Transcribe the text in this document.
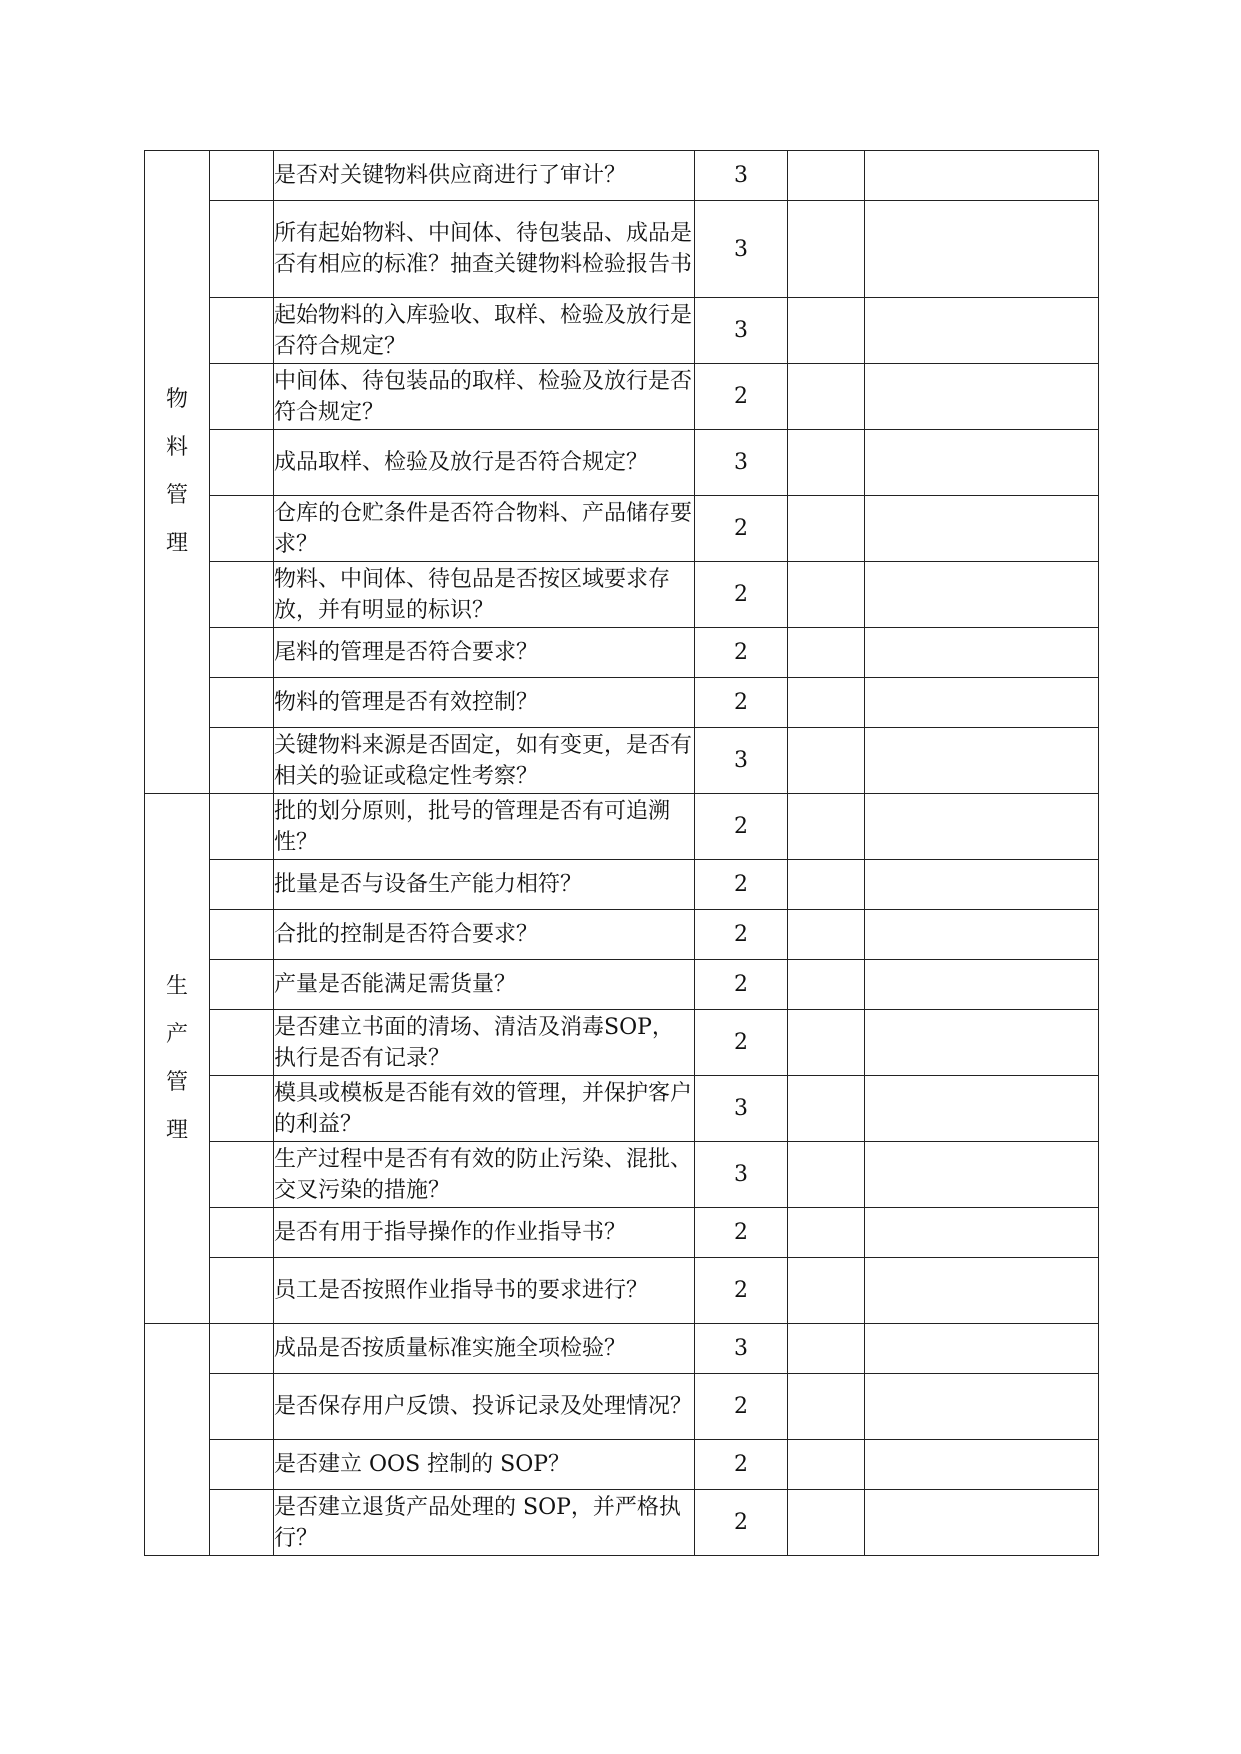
物
料
管
理		是否对关键物料供应商进行了审计？	3		
		所有起始物料、中间体、待包装品、成品是否有相应的标准？抽查关键物料检验报告书	3		
		起始物料的入库验收、取样、检验及放行是否符合规定？	3		
		中间体、待包装品的取样、检验及放行是否符合规定？	2		
		成品取样、检验及放行是否符合规定？	3		
		仓库的仓贮条件是否符合物料、产品储存要求？	2		
		物料、中间体、待包品是否按区域要求存放，并有明显的标识？	2		
		尾料的管理是否符合要求？	2		
		物料的管理是否有效控制？	2		
		关键物料来源是否固定，如有变更，是否有相关的验证或稳定性考察？	3		
生
产
管
理		批的划分原则，批号的管理是否有可追溯性？	2		
		批量是否与设备生产能力相符？	2		
		合批的控制是否符合要求？	2		
		产量是否能满足需货量？	2		
		是否建立书面的清场、清洁及消毒SOP，执行是否有记录？	2		
		模具或模板是否能有效的管理，并保护客户的利益？	3		
		生产过程中是否有有效的防止污染、混批、交叉污染的措施？	3		
		是否有用于指导操作的作业指导书？	2		
		员工是否按照作业指导书的要求进行？	2		
		成品是否按质量标准实施全项检验？	3		
		是否保存用户反馈、投诉记录及处理情况？	2		
		是否建立 OOS 控制的 SOP？	2		
		是否建立退货产品处理的 SOP，并严格执行？	2		
